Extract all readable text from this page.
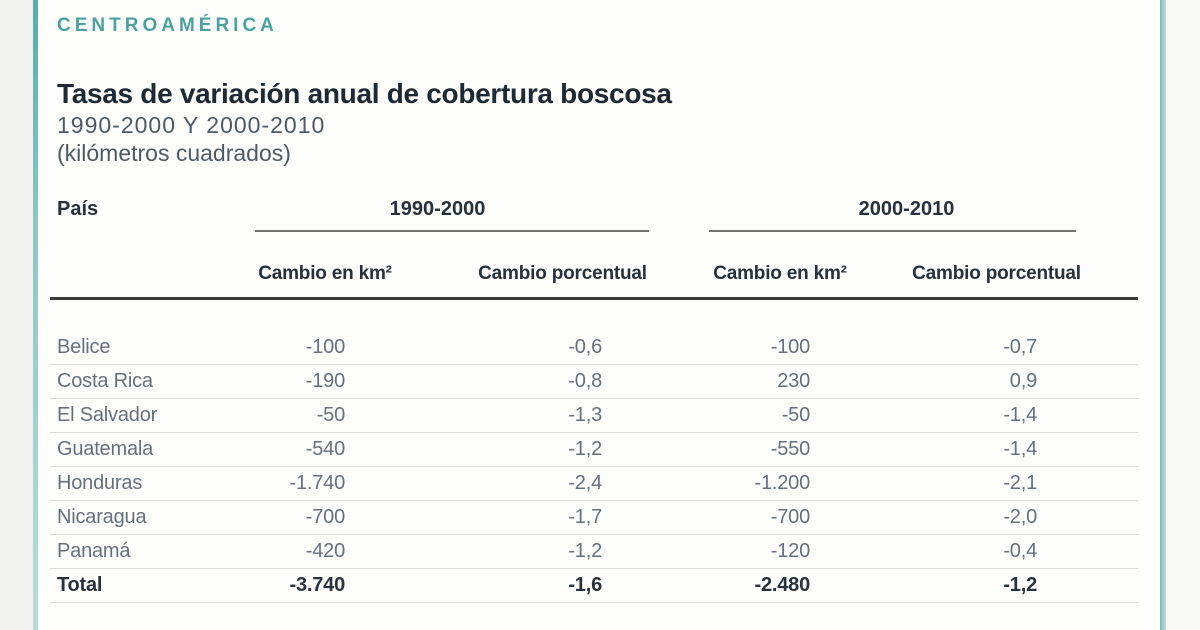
CENTROAMÉRICA
Tasas de variación anual de cobertura boscosa
1990-2000 Y 2000-2010
(kilómetros cuadrados)
País	1990-2000		2000-2010	

	Cambio en km²	Cambio porcentual	Cambio en km²	Cambio porcentual

Belice	-100	-0,6	-100	-0,7
Costa Rica	-190	-0,8	230	0,9
El Salvador	-50	-1,3	-50	-1,4
Guatemala	-540	-1,2	-550	-1,4
Honduras	-1.740	-2,4	-1.200	-2,1
Nicaragua	-700	-1,7	-700	-2,0
Panamá	-420	-1,2	-120	-0,4
Total	-3.740	-1,6	-2.480	-1,2
